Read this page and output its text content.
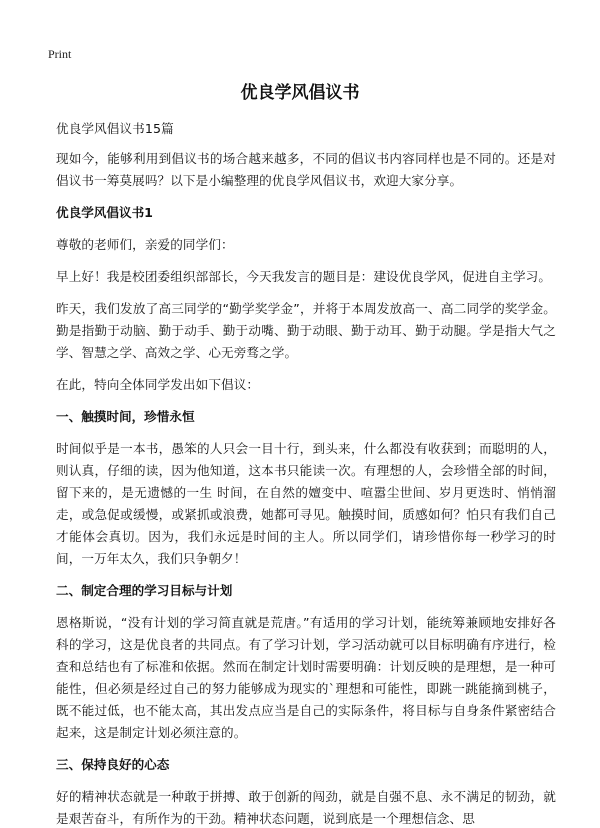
Print
优良学风倡议书

优良学风倡议书15篇

现如今，能够利用到倡议书的场合越来越多，不同的倡议书内容同样也是不同的。还是对倡议书一筹莫展吗？以下是小编整理的优良学风倡议书，欢迎大家分享。

优良学风倡议书1

尊敬的老师们，亲爱的同学们：

早上好！我是校团委组织部部长，今天我发言的题目是：建设优良学风，促进自主学习。

昨天，我们发放了高三同学的“勤学奖学金”，并将于本周发放高一、高二同学的奖学金。勤是指勤于动脑、勤于动手、勤于动嘴、勤于动眼、勤于动耳、勤于动腿。学是指大气之学、智慧之学、高效之学、心无旁骛之学。

在此，特向全体同学发出如下倡议：

一、触摸时间，珍惜永恒

时间似乎是一本书，愚笨的人只会一目十行，到头来，什么都没有收获到；而聪明的人，则认真，仔细的读，因为他知道，这本书只能读一次。有理想的人，会珍惜全部的时间，留下来的，是无遗憾的一生 时间，在自然的嬗变中、喧嚣尘世间、岁月更迭时、悄悄溜走，或急促或缓慢，或紧抓或浪费，她都可寻见。触摸时间，质感如何？怕只有我们自己才能体会真切。因为，我们永远是时间的主人。所以同学们，请珍惜你每一秒学习的时间，一万年太久，我们只争朝夕！

二、制定合理的学习目标与计划

恩格斯说，“没有计划的学习简直就是荒唐。”有适用的学习计划，能统筹兼顾地安排好各科的学习，这是优良者的共同点。有了学习计划，学习活动就可以目标明确有序进行，检查和总结也有了标准和依据。然而在制定计划时需要明确：计划反映的是理想，是一种可能性，但必须是经过自己的努力能够成为现实的`理想和可能性，即跳一跳能摘到桃子，既不能过低，也不能太高，其出发点应当是自己的实际条件，将目标与自身条件紧密结合起来，这是制定计划必须注意的。

三、保持良好的心态

好的精神状态就是一种敢于拼搏、敢于创新的闯劲，就是自强不息、永不满足的韧劲，就是艰苦奋斗，有所作为的干劲。精神状态问题，说到底是一个理想信念、思
